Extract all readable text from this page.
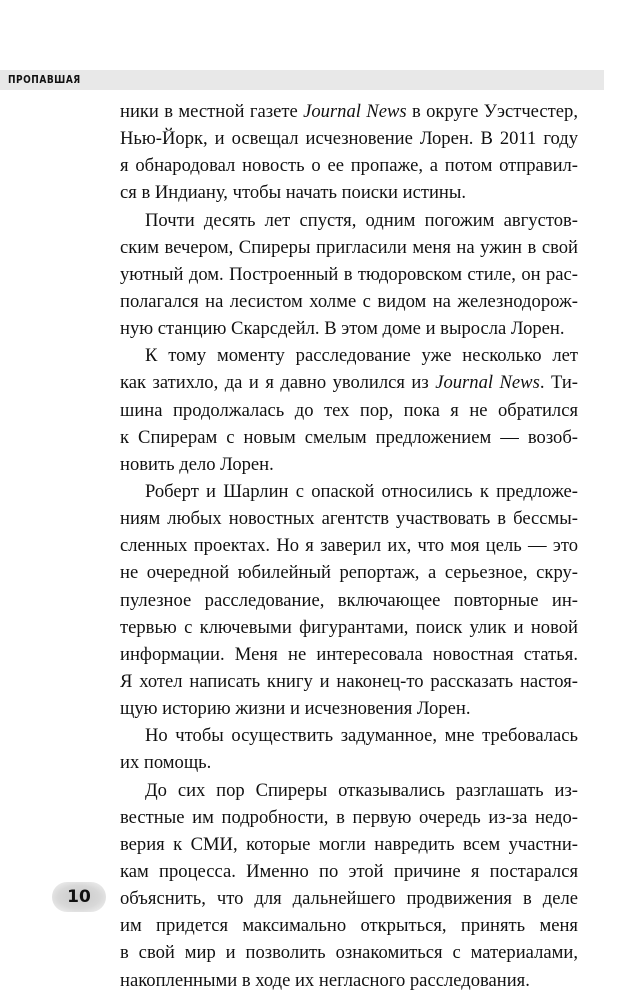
ПРОПАВШАЯ
ники в местной газете Journal News в округе Уэстчестер,
Нью-Йорк, и освещал исчезновение Лорен. В 2011 году
я обнародовал новость о ее пропаже, а потом отправил-
ся в Индиану, чтобы начать поиски истины.
Почти десять лет спустя, одним погожим августов-
ским вечером, Спиреры пригласили меня на ужин в свой
уютный дом. Построенный в тюдоровском стиле, он рас-
полагался на лесистом холме с видом на железнодорож-
ную станцию Скарсдейл. В этом доме и выросла Лорен.
К тому моменту расследование уже несколько лет
как затихло, да и я давно уволился из Journal News. Ти-
шина продолжалась до тех пор, пока я не обратился
к Спирерам с новым смелым предложением — возоб-
новить дело Лорен.
Роберт и Шарлин с опаской относились к предложе-
ниям любых новостных агентств участвовать в бессмы-
сленных проектах. Но я заверил их, что моя цель — это
не очередной юбилейный репортаж, а серьезное, скру-
пулезное расследование, включающее повторные ин-
тервью с ключевыми фигурантами, поиск улик и новой
информации. Меня не интересовала новостная статья.
Я хотел написать книгу и наконец-то рассказать настоя-
щую историю жизни и исчезновения Лорен.
Но чтобы осуществить задуманное, мне требовалась
их помощь.
До сих пор Спиреры отказывались разглашать из-
вестные им подробности, в первую очередь из-за недо-
верия к СМИ, которые могли навредить всем участни-
кам процесса. Именно по этой причине я постарался
объяснить, что для дальнейшего продвижения в деле
им придется максимально открыться, принять меня
в свой мир и позволить ознакомиться с материалами,
накопленными в ходе их негласного расследования.
10
